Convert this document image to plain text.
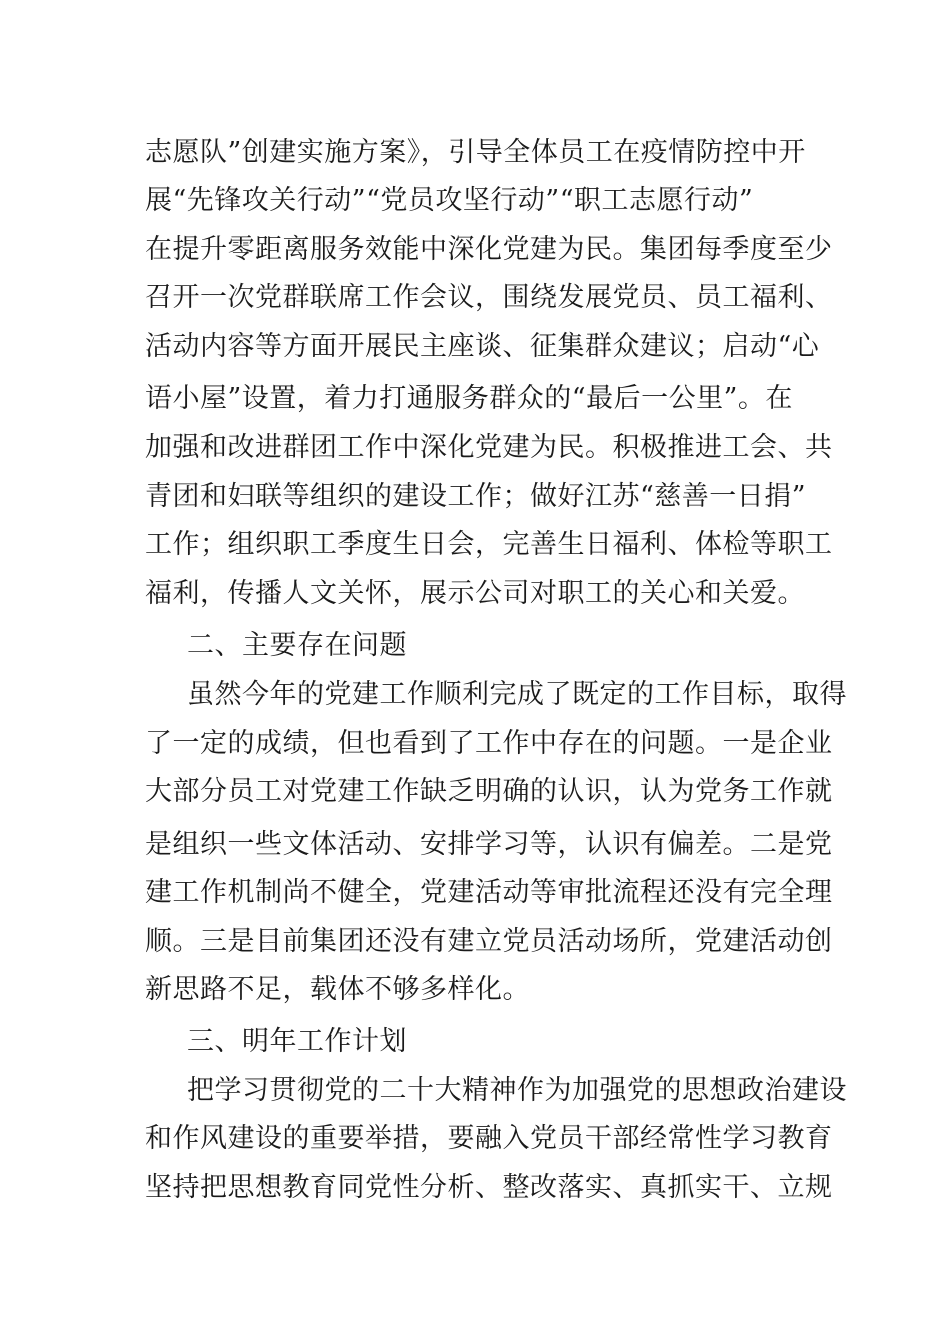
志愿队”创建实施方案》，引导全体员工在疫情防控中开
展“先锋攻关行动”“党员攻坚行动”“职工志愿行动”
在提升零距离服务效能中深化党建为民。集团每季度至少
召开一次党群联席工作会议，围绕发展党员、员工福利、
活动内容等方面开展民主座谈、征集群众建议；启动“心
语小屋”设置，着力打通服务群众的“最后一公里”。在
加强和改进群团工作中深化党建为民。积极推进工会、共
青团和妇联等组织的建设工作；做好江苏“慈善一日捐”
工作；组织职工季度生日会，完善生日福利、体检等职工
福利，传播人文关怀，展示公司对职工的关心和关爱。
二、主要存在问题
虽然今年的党建工作顺利完成了既定的工作目标，取得
了一定的成绩，但也看到了工作中存在的问题。一是企业
大部分员工对党建工作缺乏明确的认识，认为党务工作就
是组织一些文体活动、安排学习等，认识有偏差。二是党
建工作机制尚不健全，党建活动等审批流程还没有完全理
顺。三是目前集团还没有建立党员活动场所，党建活动创
新思路不足，载体不够多样化。
三、明年工作计划
把学习贯彻党的二十大精神作为加强党的思想政治建设
和作风建设的重要举措，要融入党员干部经常性学习教育
坚持把思想教育同党性分析、整改落实、真抓实干、立规
